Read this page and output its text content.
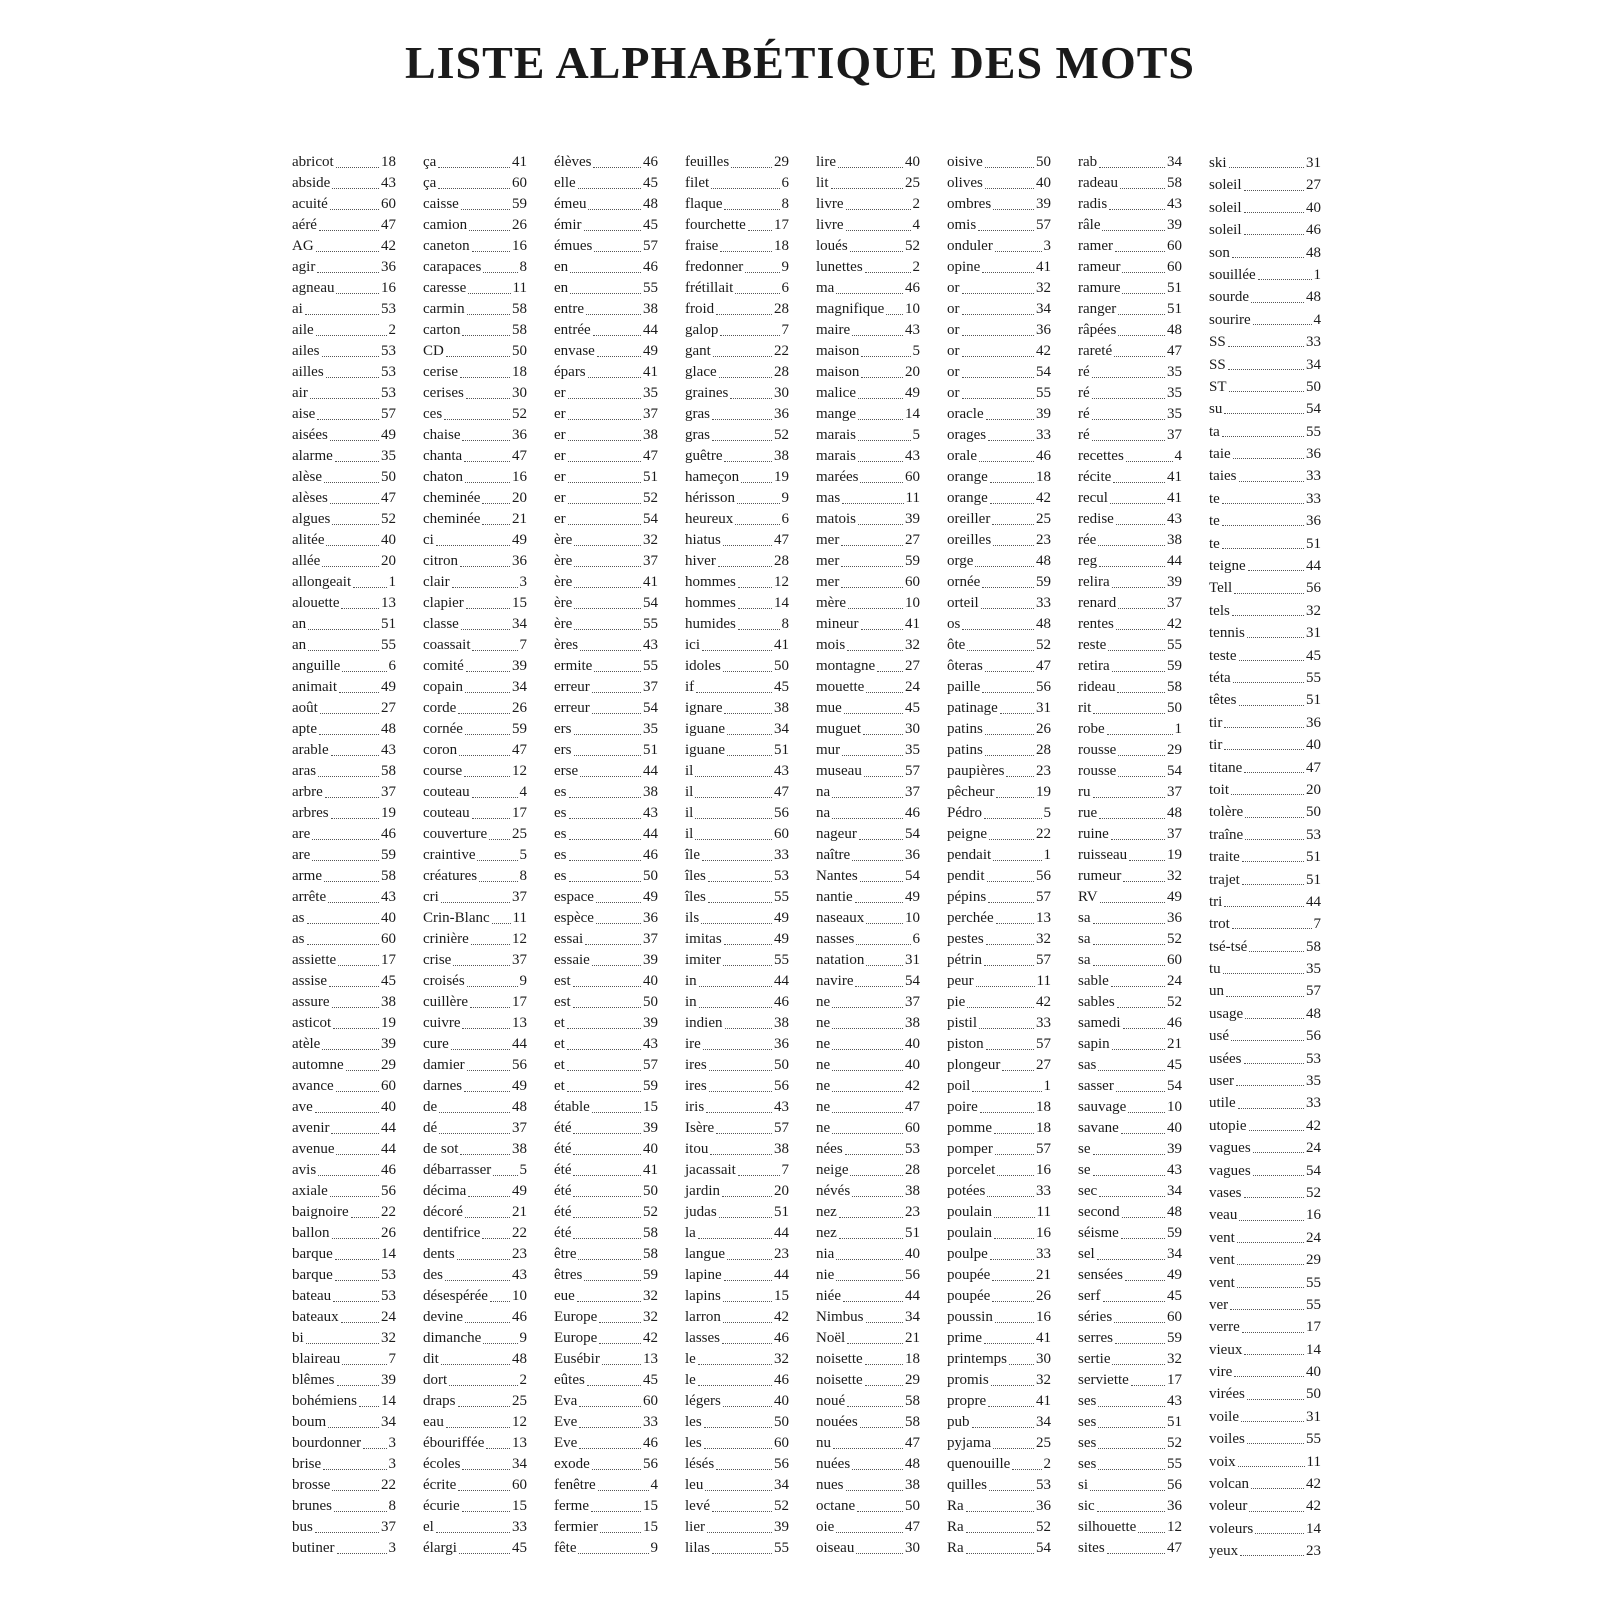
LISTE ALPHABÉTIQUE DES MOTS
abricot	18
abside	43
acuité	60
aéré	47
AG	42
agir	36
agneau	16
ai	53
aile	2
ailes	53
ailles	53
air	53
aise	57
aisées	49
alarme	35
alèse	50
alèses	47
algues	52
alitée	40
allée	20
allongeait 1
alouette	13
an	51
an	55
anguille	6
animait	49
août	27
apte	48
arable	43
aras	58
arbre	37
arbres	19
are	46
are	59
arme	58
arrête	43
as	40
as	60
assiette	17
assise	45
assure	38
asticot	19
atèle	39
automne 29
avance	60
ave	40
avenir	44
avenue	44
avis	46
axiale	56
baignoire 22
ballon	26
barque	14
barque	53
bateau	53
bateaux	24
bi	32
blaireau	7
blêmes	39
bohémiens 14
boum	34
bourdonner 3
brise	3
brosse	22
brunes	8
bus	37
butiner	3
ça	41
ça	60
caisse	59
camion	26
caneton	16
carapaces	8
caresse	11
carmin	58
carton	58
CD	50
cerise	18
cerises	30
ces	52
chaise	36
chanta	47
chaton	16
cheminée 20
cheminée 21
ci	49
citron	36
clair	3
clapier	15
classe	34
coassait	7
comité	39
copain	34
corde	26
cornée	59
coron	47
course	12
couteau	4
couteau	17
couverture 25
craintive	5
créatures	8
cri	37
Crin-Blanc 11
crinière	12
crise	37
croisés	9
cuillère	17
cuivre	13
cure	44
damier	56
darnes	49
de	48
dé	37
de sot	38
débarrasser 5
décima	49
décoré	21
dentifrice 22
dents	23
des	43
désespérée 10
devine	46
dimanche	9
dit	48
dort	2
draps	25
eau	12
ébouriffée 13
écoles	34
écrite	60
écurie	15
el	33
élargi	45
élèves	46
elle	45
émeu	48
émir	45
émues	57
en	46
en	55
entre	38
entrée	44
envase	49
épars	41
er	35
er	37
er	38
er	47
er	51
er	52
er	54
ère	32
ère	37
ère	41
ère	54
ère	55
ères	43
ermite	55
erreur	37
erreur	54
ers	35
ers	51
erse	44
es	38
es	43
es	44
es	46
es	50
espace	49
espèce	36
essai	37
essaie	39
est	40
est	50
et	39
et	43
et	57
et	59
étable	15
été	39
été	40
été	41
été	50
été	52
été	58
être	58
êtres	59
eue	32
Europe	32
Europe	42
Eusébir	13
eûtes	45
Eva	60
Eve	33
Eve	46
exode	56
fenêtre	4
ferme	15
fermier	15
fête	9
feuilles	29
filet	6
flaque	8
fourchette 17
fraise	18
fredonner	9
frétillait	6
froid	28
galop	7
gant	22
glace	28
graines	30
gras	36
gras	52
guêtre	38
hameçon 19
hérisson	9
heureux	6
hiatus	47
hiver	28
hommes	12
hommes	14
humides	8
ici	41
idoles	50
if	45
ignare	38
iguane	34
iguane	51
il	43
il	47
il	56
il	60
île	33
îles	53
îles	55
ils	49
imitas	49
imiter	55
in	44
in	46
indien	38
ire	36
ires	50
ires	56
iris	43
Isère	57
itou	38
jacassait	7
jardin	20
judas	51
la	44
langue	23
lapine	44
lapins	15
larron	42
lasses	46
le	32
le	46
légers	40
les	50
les	60
lésés	56
leu	34
levé	52
lier	39
lilas	55
lire	40
lit	25
livre	2
livre	4
loués	52
lunettes	2
ma	46
magnifique 10
maire	43
maison	5
maison	20
malice	49
mange	14
marais	5
marais	43
marées	60
mas	11
matois	39
mer	27
mer	59
mer	60
mère	10
mineur	41
mois	32
montagne 27
mouette	24
mue	45
muguet	30
mur	35
museau	57
na	37
na	46
nageur	54
naître	36
Nantes	54
nantie	49
naseaux	10
nasses	6
natation	31
navire	54
ne	37
ne	38
ne	40
ne	40
ne	42
ne	47
ne	60
nées	53
neige	28
névés	38
nez	23
nez	51
nia	40
nie	56
niée	44
Nimbus	34
Noël	21
noisette	18
noisette	29
noué	58
nouées	58
nu	47
nuées	48
nues	38
octane	50
oie	47
oiseau	30
oisive	50
olives	40
ombres	39
omis	57
onduler	3
opine	41
or	32
or	34
or	36
or	42
or	54
or	55
oracle	39
orages	33
orale	46
orange	18
orange	42
oreiller	25
oreilles	23
orge	48
ornée	59
orteil	33
os	48
ôte	52
ôteras	47
paille	56
patinage	31
patins	26
patins	28
paupières 23
pêcheur	19
Pédro	5
peigne	22
pendait	1
pendit	56
pépins	57
perchée	13
pestes	32
pétrin	57
peur	11
pie	42
pistil	33
piston	57
plongeur 27
poil	1
poire	18
pomme	18
pomper	57
porcelet	16
potées	33
poulain	11
poulain	16
poulpe	33
poupée	21
poupée	26
poussin	16
prime	41
printemps 30
promis	32
propre	41
pub	34
pyjama	25
quenouille 2
quilles	53
Ra	36
Ra	52
Ra	54
rab	34
radeau	58
radis	43
râle	39
ramer	60
rameur	60
ramure	51
ranger	51
râpées	48
rareté	47
ré	35
ré	35
ré	35
ré	37
recettes	4
récite	41
recul	41
redise	43
rée	38
reg	44
relira	39
renard	37
rentes	42
reste	55
retira	59
rideau	58
rit	50
robe	1
rousse	29
rousse	54
ru	37
rue	48
ruine	37
ruisseau	19
rumeur	32
RV	49
sa	36
sa	52
sa	60
sable	24
sables	52
samedi	46
sapin	21
sas	45
sasser	54
sauvage	10
savane	40
se	39
se	43
sec	34
second	48
séisme	59
sel	34
sensées	49
serf	45
séries	60
serres	59
sertie	32
serviette	17
ses	43
ses	51
ses	52
ses	55
si	56
sic	36
silhouette 12
sites	47
ski	31
soleil	27
soleil	40
soleil	46
son	48
souillée	1
sourde	48
sourire	4
SS	33
SS	34
ST	50
su	54
ta	55
taie	36
taies	33
te	33
te	36
te	51
teigne	44
Tell	56
tels	32
tennis	31
teste	45
téta	55
têtes	51
tir	36
tir	40
titane	47
toit	20
tolère	50
traîne	53
traite	51
trajet	51
tri	44
trot	7
tsé-tsé	58
tu	35
un	57
usage	48
usé	56
usées	53
user	35
utile	33
utopie	42
vagues	24
vagues	54
vases	52
veau	16
vent	24
vent	29
vent	55
ver	55
verre	17
vieux	14
vire	40
virées	50
voile	31
voiles	55
voix	11
volcan	42
voleur	42
voleurs	14
yeux	23
